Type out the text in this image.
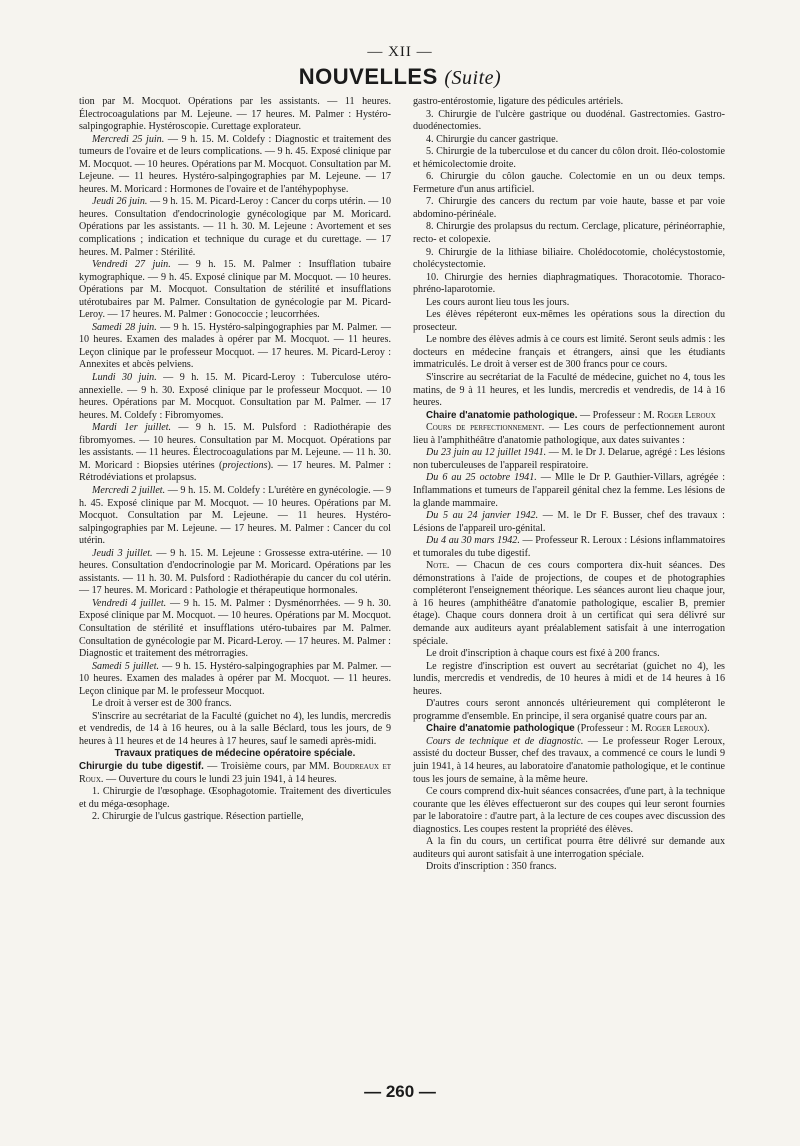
— XII —
NOUVELLES (Suite)

tion par M. Mocquot. Opérations par les assistants. — 11 heures. Électrocoagulations par M. Lejeune. — 17 heures. M. Palmer : Hystéro-salpingographie. Hystéroscopie. Curettage explorateur.

Mercredi 25 juin. — 9 h. 15. M. Coldefy : Diagnostic et traitement des tumeurs de l'ovaire et de leurs complications. — 9 h. 45. Exposé clinique par M. Mocquot. — 10 heures. Opérations par M. Mocquot. Consultation par M. Lejeune. — 11 heures. Hystéro-salpingographies par M. Lejeune. — 17 heures. M. Moricard : Hormones de l'ovaire et de l'antéhypophyse.

Jeudi 26 juin. — 9 h. 15. M. Picard-Leroy : Cancer du corps utérin. — 10 heures. Consultation d'endocrinologie gynécologique par M. Moricard. Opérations par les assistants. — 11 h. 30. M. Lejeune : Avortement et ses complications ; indication et technique du curage et du curettage. — 17 heures. M. Palmer : Stérilité.

Vendredi 27 juin. — 9 h. 15. M. Palmer : Insufflation tubaire kymographique. — 9 h. 45. Exposé clinique par M. Mocquot. — 10 heures. Opérations par M. Mocquot. Consultation de stérilité et insufflations utérotubaires par M. Palmer. Consultation de gynécologie par M. Picard-Leroy. — 17 heures. M. Palmer : Gonococcie ; leucorrhées.

Samedi 28 juin. — 9 h. 15. Hystéro-salpingographies par M. Palmer. — 10 heures. Examen des malades à opérer par M. Mocquot. — 11 heures. Leçon clinique par le professeur Mocquot. — 17 heures. M. Picard-Leroy : Annexites et abcès pelviens.

Lundi 30 juin. — 9 h. 15. M. Picard-Leroy : Tuberculose utéro-annexielle. — 9 h. 30. Exposé clinique par le professeur Mocquot. — 10 heures. Opérations par M. Mocquot. Consultation par M. Palmer. — 17 heures. M. Coldefy : Fibromyomes.

Mardi 1er juillet. — 9 h. 15. M. Pulsford : Radiothérapie des fibromyomes. — 10 heures. Consultation par M. Mocquot. Opérations par les assistants. — 11 heures. Électrocoagulations par M. Lejeune. — 11 h. 30. M. Moricard : Biopsies utérines (projections). — 17 heures. M. Palmer : Rétrodéviations et prolapsus.

Mercredi 2 juillet. — 9 h. 15. M. Coldefy : L'urétère en gynécologie. — 9 h. 45. Exposé clinique par M. Mocquot. — 10 heures. Opérations par M. Mocquot. Consultation par M. Lejeune. — 11 heures. Hystéro-salpingographies par M. Lejeune. — 17 heures. M. Palmer : Cancer du col utérin.

Jeudi 3 juillet. — 9 h. 15. M. Lejeune : Grossesse extra-utérine. — 10 heures. Consultation d'endocrinologie par M. Moricard. Opérations par les assistants. — 11 h. 30. M. Pulsford : Radiothérapie du cancer du col utérin. — 17 heures. M. Moricard : Pathologie et thérapeutique hormonales.

Vendredi 4 juillet. — 9 h. 15. M. Palmer : Dysménorrhées. — 9 h. 30. Exposé clinique par M. Mocquot. — 10 heures. Opérations par M. Mocquot. Consultation de stérilité et insufflations utéro-tubaires par M. Palmer. Consultation de gynécologie par M. Picard-Leroy. — 17 heures. M. Palmer : Diagnostic et traitement des métrorragies.

Samedi 5 juillet. — 9 h. 15. Hystéro-salpingographies par M. Palmer. — 10 heures. Examen des malades à opérer par M. Mocquot. — 11 heures. Leçon clinique par M. le professeur Mocquot.

Le droit à verser est de 300 francs.

S'inscrire au secrétariat de la Faculté (guichet no 4), les lundis, mercredis et vendredis, de 14 à 16 heures, ou à la salle Béclard, tous les jours, de 9 heures à 11 heures et de 14 heures à 17 heures, sauf le samedi après-midi.

Travaux pratiques de médecine opératoire spéciale.

Chirurgie du tube digestif. — Troisième cours, par MM. Boudreaux et Roux. — Ouverture du cours le lundi 23 juin 1941, à 14 heures.

1. Chirurgie de l'œsophage. Œsophagotomie. Traitement des diverticules et du méga-œsophage.

2. Chirurgie de l'ulcus gastrique. Résection partielle,

gastro-entérostomie, ligature des pédicules artériels.

3. Chirurgie de l'ulcère gastrique ou duodénal. Gastrectomies. Gastro-duodénectomies.

4. Chirurgie du cancer gastrique.

5. Chirurgie de la tuberculose et du cancer du côlon droit. Iléo-colostomie et hémicolectomie droite.

6. Chirurgie du côlon gauche. Colectomie en un ou deux temps. Fermeture d'un anus artificiel.

7. Chirurgie des cancers du rectum par voie haute, basse et par voie abdomino-périnéale.

8. Chirurgie des prolapsus du rectum. Cerclage, plicature, périnéorraphie, recto- et colopexie.

9. Chirurgie de la lithiase biliaire. Cholédocotomie, cholécystostomie, cholécystectomie.

10. Chirurgie des hernies diaphragmatiques. Thoracotomie. Thoraco-phréno-laparotomie.

Les cours auront lieu tous les jours.

Les élèves répéteront eux-mêmes les opérations sous la direction du prosecteur.

Le nombre des élèves admis à ce cours est limité. Seront seuls admis : les docteurs en médecine français et étrangers, ainsi que les étudiants immatriculés. Le droit à verser est de 300 francs pour ce cours.

S'inscrire au secrétariat de la Faculté de médecine, guichet no 4, tous les matins, de 9 à 11 heures, et les lundis, mercredis et vendredis, de 14 à 16 heures.

Chaire d'anatomie pathologique. — Professeur : M. Roger Leroux

Cours de perfectionnement. — Les cours de perfectionnement auront lieu à l'amphithéâtre d'anatomie pathologique, aux dates suivantes :

Du 23 juin au 12 juillet 1941. — M. le Dr J. Delarue, agrégé : Les lésions non tuberculeuses de l'appareil respiratoire.

Du 6 au 25 octobre 1941. — Mlle le Dr P. Gauthier-Villars, agrégée : Inflammations et tumeurs de l'appareil génital chez la femme. Les lésions de la glande mammaire.

Du 5 au 24 janvier 1942. — M. le Dr F. Busser, chef des travaux : Lésions de l'appareil uro-génital.

Du 4 au 30 mars 1942. — Professeur R. Leroux : Lésions inflammatoires et tumorales du tube digestif.

Note. — Chacun de ces cours comportera dix-huit séances. Des démonstrations à l'aide de projections, de coupes et de photographies compléteront l'enseignement théorique. Les séances auront lieu chaque jour, à 16 heures (amphithéâtre d'anatomie pathologique, escalier B, premier étage). Chaque cours donnera droit à un certificat qui sera délivré sur demande aux auditeurs ayant préalablement satisfait à une interrogation spéciale.

Le droit d'inscription à chaque cours est fixé à 200 francs.

Le registre d'inscription est ouvert au secrétariat (guichet no 4), les lundis, mercredis et vendredis, de 10 heures à midi et de 14 heures à 16 heures.

D'autres cours seront annoncés ultérieurement qui compléteront le programme d'ensemble. En principe, il sera organisé quatre cours par an.

Chaire d'anatomie pathologique (Professeur : M. Roger Leroux).

Cours de technique et de diagnostic. — Le professeur Roger Leroux, assisté du docteur Busser, chef des travaux, a commencé ce cours le lundi 9 juin 1941, à 14 heures, au laboratoire d'anatomie pathologique, et le continue tous les jours de semaine, à la même heure.

Ce cours comprend dix-huit séances consacrées, d'une part, à la technique courante que les élèves effectueront sur des coupes qui leur seront fournies par le laboratoire : d'autre part, à la lecture de ces coupes avec discussion des diagnostics. Les coupes restent la propriété des élèves.

A la fin du cours, un certificat pourra être délivré sur demande aux auditeurs qui auront satisfait à une interrogation spéciale.

Droits d'inscription : 350 francs.

— 260 —
